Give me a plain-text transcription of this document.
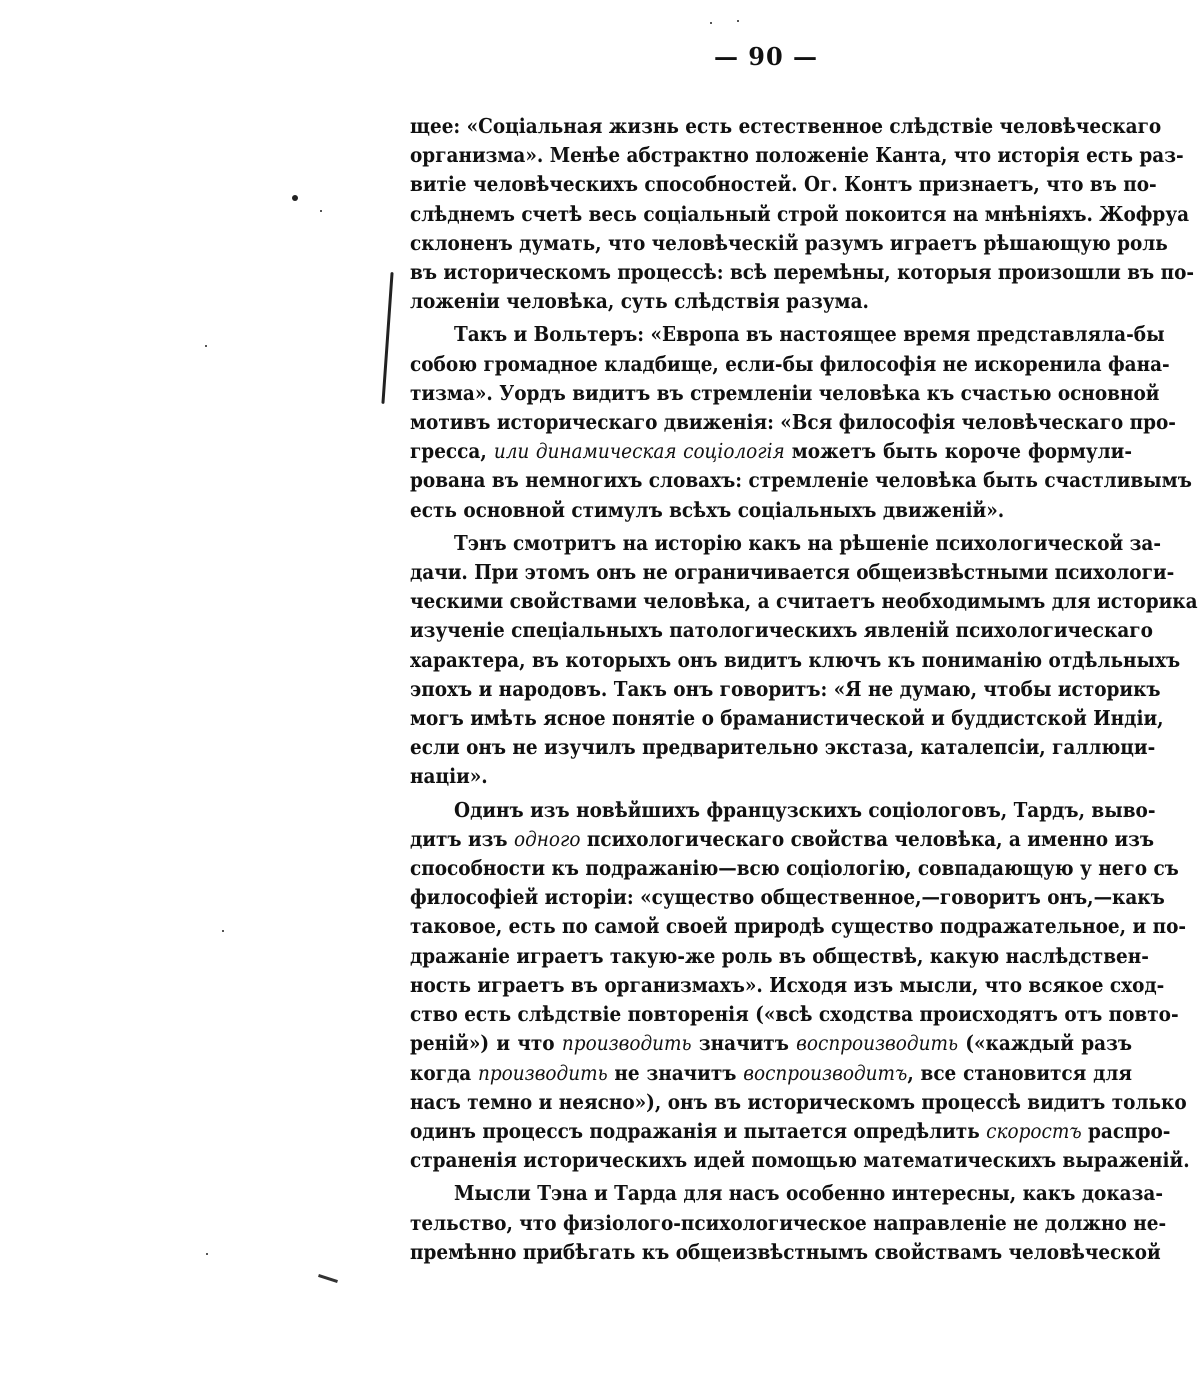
— 90 —
щее: «Соціальная жизнь есть естественное слѣдствіе человѣческаго
организма». Менѣе абстрактно положеніе Канта, что исторія есть раз-
витіе человѣческихъ способностей. Ог. Контъ признаетъ, что въ по-
слѣднемъ счетѣ весь соціальный строй покоится на мнѣніяхъ. Жофруа
склоненъ думать, что человѣческій разумъ играетъ рѣшающую роль
въ историческомъ процессѣ: всѣ перемѣны, которыя произошли въ по-
ложеніи человѣка, суть слѣдствія разума.
Такъ и Вольтеръ: «Европа въ настоящее время представляла-бы
собою громадное кладбище, если-бы философія не искоренила фана-
тизма». Уордъ видитъ въ стремленіи человѣка къ счастью основной
мотивъ историческаго движенія: «Вся философія человѣческаго про-
гресса, или динамическая соціологія можетъ быть короче формули-
рована въ немногихъ словахъ: стремленіе человѣка быть счастливымъ
есть основной стимулъ всѣхъ соціальныхъ движеній».
Тэнъ смотритъ на исторію какъ на рѣшеніе психологической за-
дачи. При этомъ онъ не ограничивается общеизвѣстными психологи-
ческими свойствами человѣка, а считаетъ необходимымъ для историка
изученіе спеціальныхъ патологическихъ явленій психологическаго
характера, въ которыхъ онъ видитъ ключъ къ пониманію отдѣльныхъ
эпохъ и народовъ. Такъ онъ говоритъ: «Я не думаю, чтобы историкъ
могъ имѣть ясное понятіе о браманистической и буддистской Индіи,
если онъ не изучилъ предварительно экстаза, каталепсіи, галлюци-
націи».
Одинъ изъ новѣйшихъ французскихъ соціологовъ, Тардъ, выво-
дитъ изъ одного психологическаго свойства человѣка, а именно изъ
способности къ подражанію—всю соціологію, совпадающую у него съ
философіей исторіи: «существо общественное,—говоритъ онъ,—какъ
таковое, есть по самой своей природѣ существо подражательное, и по-
дражаніе играетъ такую-же роль въ обществѣ, какую наслѣдствен-
ность играетъ въ организмахъ». Исходя изъ мысли, что всякое сход-
ство есть слѣдствіе повторенія («всѣ сходства происходятъ отъ повто-
реній») и что производить значитъ воспроизводить («каждый разъ
когда производить не значитъ воспроизводитъ, все становится для
насъ темно и неясно»), онъ въ историческомъ процессѣ видитъ только
одинъ процессъ подражанія и пытается опредѣлить скоростъ распро-
страненія историческихъ идей помощью математическихъ выраженій.
Мысли Тэна и Тарда для насъ особенно интересны, какъ доказа-
тельство, что физіолого-психологическое направленіе не должно не-
премѣнно прибѣгать къ общеизвѣстнымъ свойствамъ человѣческой
